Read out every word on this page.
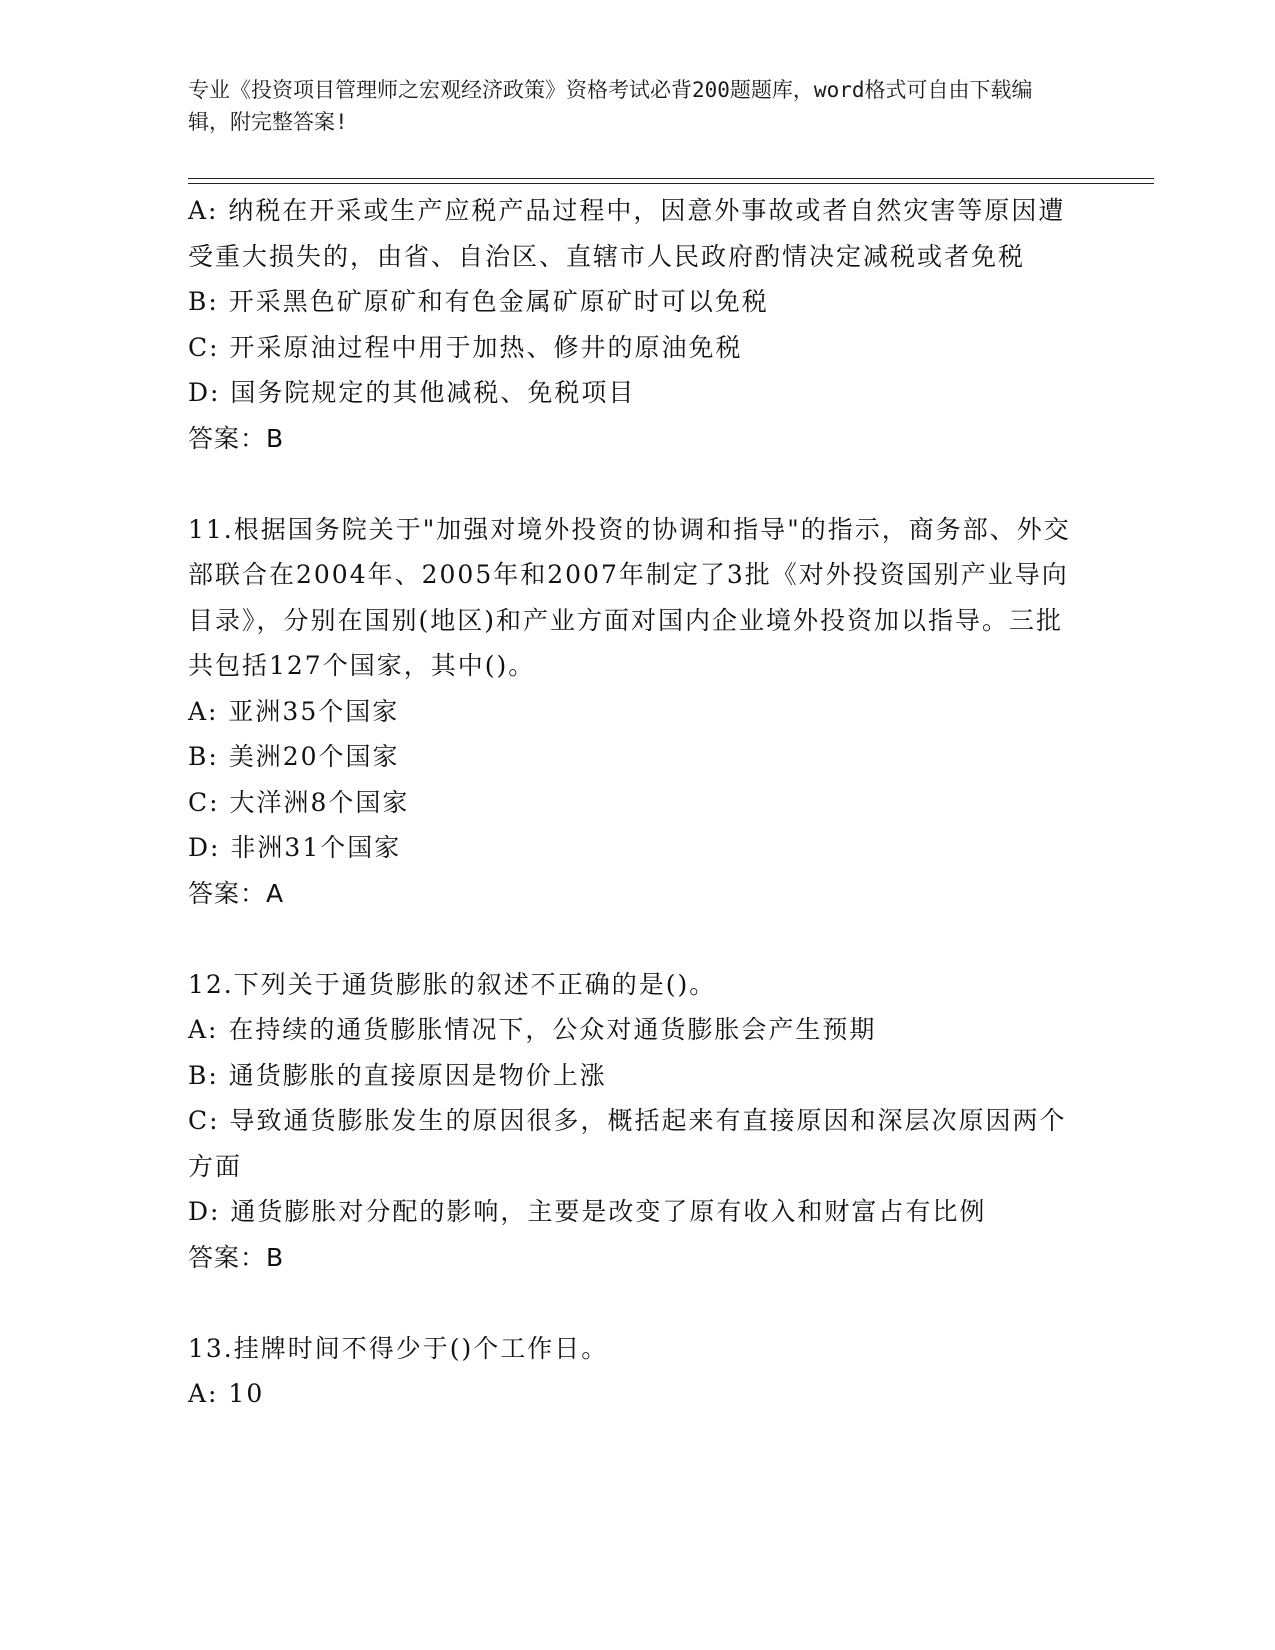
专业《投资项目管理师之宏观经济政策》资格考试必背200题题库，word格式可自由下载编辑，附完整答案!
A: 纳税在开采或生产应税产品过程中，因意外事故或者自然灾害等原因遭受重大损失的，由省、自治区、直辖市人民政府酌情决定减税或者免税
B: 开采黑色矿原矿和有色金属矿原矿时可以免税
C: 开采原油过程中用于加热、修井的原油免税
D: 国务院规定的其他减税、免税项目
答案：B
11.根据国务院关于"加强对境外投资的协调和指导"的指示，商务部、外交部联合在2004年、2005年和2007年制定了3批《对外投资国别产业导向目录》，分别在国别(地区)和产业方面对国内企业境外投资加以指导。三批共包括127个国家，其中()。
A: 亚洲35个国家
B: 美洲20个国家
C: 大洋洲8个国家
D: 非洲31个国家
答案：A
12.下列关于通货膨胀的叙述不正确的是()。
A: 在持续的通货膨胀情况下，公众对通货膨胀会产生预期
B: 通货膨胀的直接原因是物价上涨
C: 导致通货膨胀发生的原因很多，概括起来有直接原因和深层次原因两个方面
D: 通货膨胀对分配的影响，主要是改变了原有收入和财富占有比例
答案：B
13.挂牌时间不得少于()个工作日。
A: 10
